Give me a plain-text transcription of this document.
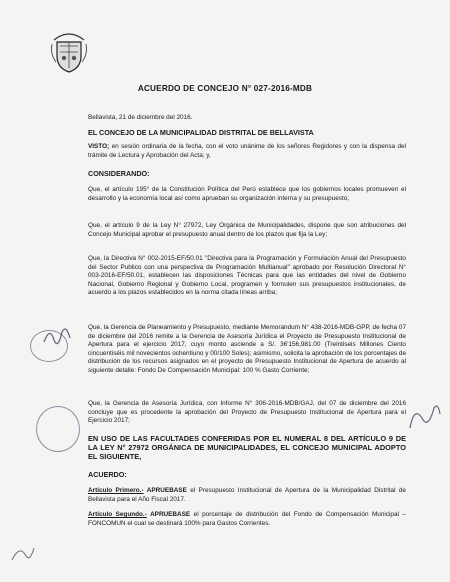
ACUERDO DE CONCEJO N° 027-2016-MDB
Bellavista, 21 de diciembre del 2016.
EL CONCEJO DE LA MUNICIPALIDAD DISTRITAL DE BELLAVISTA
VISTO; en sesión ordinaria de la fecha, con el voto unánime de los señores Regidores y con la dispensa del trámite de Lectura y Aprobación del Acta; y,
CONSIDERANDO:
Que, el artículo 195° de la Constitución Política del Perú establece que los gobiernos locales promueven el desarrollo y la economía local así como aprueban su organización interna y su presupuesto;
Que, el artículo 9 de la Ley N° 27972, Ley Orgánica de Municipalidades, dispone que son atribuciones del Concejo Municipal aprobar el presupuesto anual dentro de los plazos que fija la Ley;
Que, la Directiva N° 002-2015-EF/50.01 "Directiva para la Programación y Formulación Anual del Presupuesto del Sector Publico con una perspectiva de Programación Multianual" aprobado por Resolución Directoral N° 003-2016-EF/50.01, establecen las disposiciones Técnicas para que las entidades del nivel de Gobierno Nacional, Gobierno Regional y Gobierno Local, programen y formulen sus presupuestos institucionales, de acuerdo a los plazos establecidos en la norma citada líneas arriba;
Que, la Gerencia de Planeamiento y Presupuesto, mediante Memorandum N° 438-2016-MDB-GPP, de fecha 07 de diciembre del 2016 remite a la Gerencia de Asesoría Jurídica el Proyecto de Presupuesto Institucional de Apertura para el ejercicio 2017, cuyo monto asciende a S/. 36'156,981.00 (Treintiseis Millones Ciento cincuentiséis mil novecientos ochentiuno y 00/100 Soles); asimismo, solicita la aprobación de los porcentajes de distribución de los recursos asignados en el proyecto de Presupuesto Institucional de Apertura de acuerdo al siguiente detalle: Fondo De Compensación Municipal: 100 % Gasto Corriente;
Que, la Gerencia de Asesoría Jurídica, con Informe N° 306-2016-MDB/GAJ, del 07 de diciembre del 2016 concluye que es procedente la aprobación del Proyecto de Presupuesto Institucional de Apertura para el Ejercicio 2017;
EN USO DE LAS FACULTADES CONFERIDAS POR EL NUMERAL 8 DEL ARTÍCULO 9 DE LA LEY N° 27972 ORGÁNICA DE MUNICIPALIDADES, EL CONCEJO MUNICIPAL ADOPTO EL SIGUIENTE,
ACUERDO:
Artículo Primero.- APRUEBASE el Presupuesto Institucional de Apertura de la Municipalidad Distrital de Bellavista para el Año Fiscal 2017.
Artículo Segundo.- APRUEBASE el porcentaje de distribución del Fondo de Compensación Municipal – FONCOMUN el cual se destinará 100% para Gastos Corrientes.
